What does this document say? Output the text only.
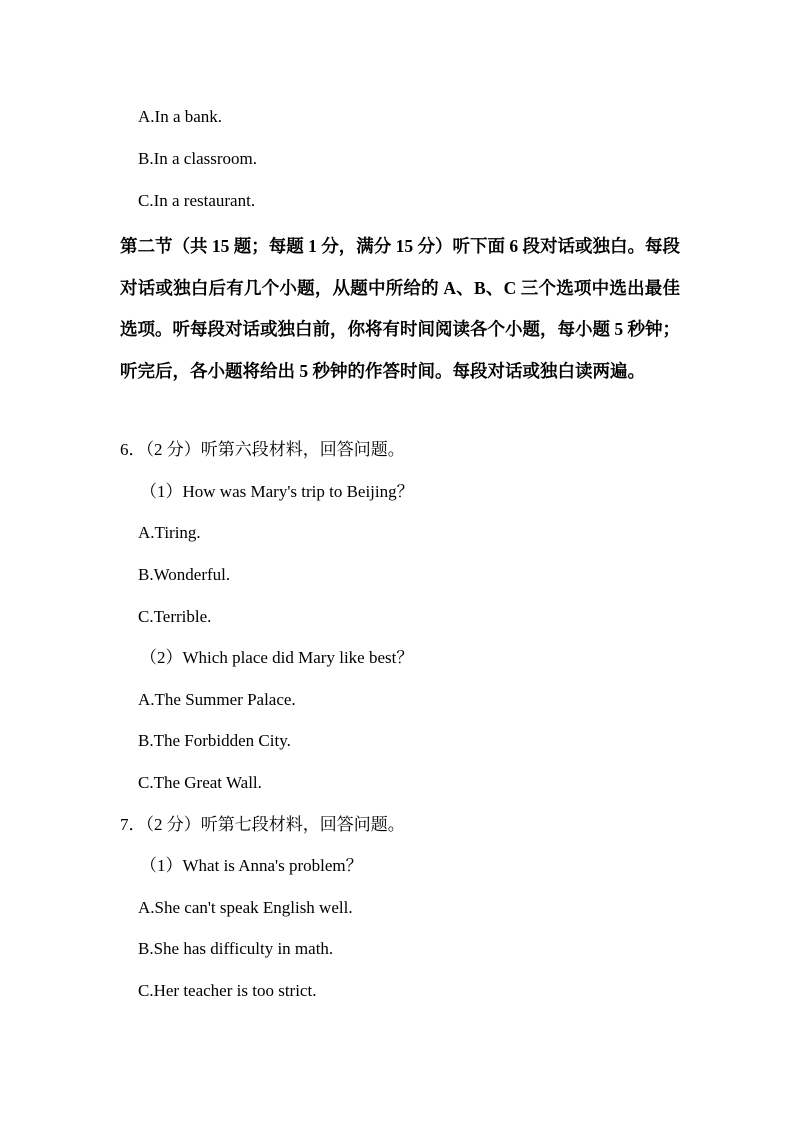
A.In a bank.
B.In a classroom.
C.In a restaurant.
第二节（共 15 题；每题 1 分，满分 15 分）听下面 6 段对话或独白。每段对话或独白后有几个小题，从题中所给的 A、B、C 三个选项中选出最佳选项。听每段对话或独白前，你将有时间阅读各个小题，每小题 5 秒钟；听完后，各小题将给出 5 秒钟的作答时间。每段对话或独白读两遍。
6．（2 分）听第六段材料，回答问题。
（1）How was Mary's trip to Beijing？
A.Tiring.
B.Wonderful.
C.Terrible.
（2）Which place did Mary like best？
A.The Summer Palace.
B.The Forbidden City.
C.The Great Wall.
7．（2 分）听第七段材料，回答问题。
（1）What is Anna's problem？
A.She can't speak English well.
B.She has difficulty in math.
C.Her teacher is too strict.
